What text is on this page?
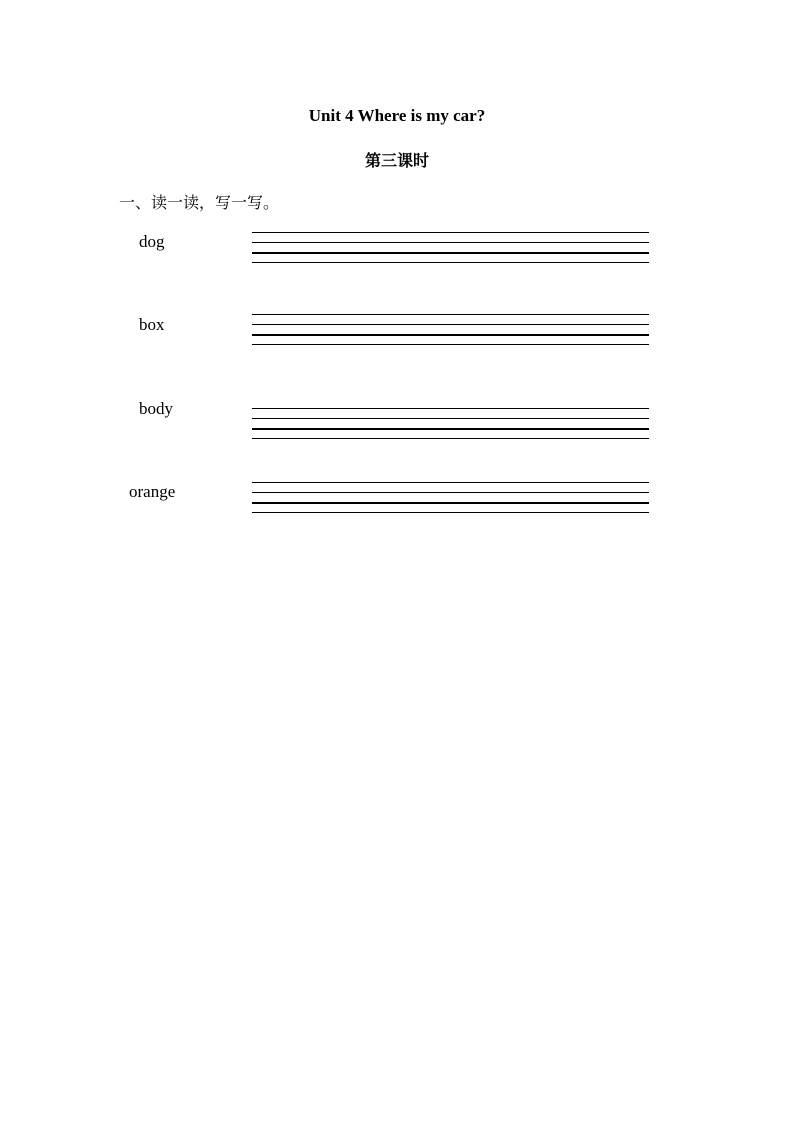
Unit 4 Where is my car?
第三课时
一、读一读，写一写。
dog
box
body
orange
